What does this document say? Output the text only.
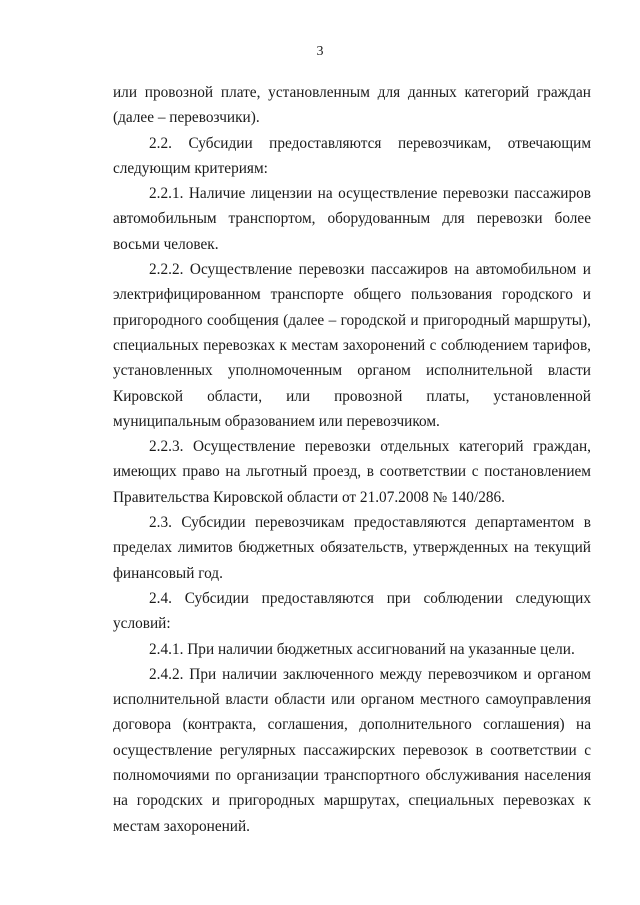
3

или провозной плате, установленным для данных категорий граждан (далее – перевозчики).

2.2. Субсидии предоставляются перевозчикам, отвечающим следующим критериям:

2.2.1. Наличие лицензии на осуществление перевозки пассажиров автомобильным транспортом, оборудованным для перевозки более восьми человек.

2.2.2. Осуществление перевозки пассажиров на автомобильном и электрифицированном транспорте общего пользования городского и пригородного сообщения (далее – городской и пригородный маршруты), специальных перевозках к местам захоронений с соблюдением тарифов, установленных уполномоченным органом исполнительной власти Кировской области, или провозной платы, установленной муниципальным образованием или перевозчиком.

2.2.3. Осуществление перевозки отдельных категорий граждан, имеющих право на льготный проезд, в соответствии с постановлением Правительства Кировской области от 21.07.2008 № 140/286.

2.3. Субсидии перевозчикам предоставляются департаментом в пределах лимитов бюджетных обязательств, утвержденных на текущий финансовый год.

2.4. Субсидии предоставляются при соблюдении следующих условий:

2.4.1. При наличии бюджетных ассигнований на указанные цели.

2.4.2. При наличии заключенного между перевозчиком и органом исполнительной власти области или органом местного самоуправления договора (контракта, соглашения, дополнительного соглашения) на осуществление регулярных пассажирских перевозок в соответствии с полномочиями по организации транспортного обслуживания населения на городских и пригородных маршрутах, специальных перевозках к местам захоронений.
